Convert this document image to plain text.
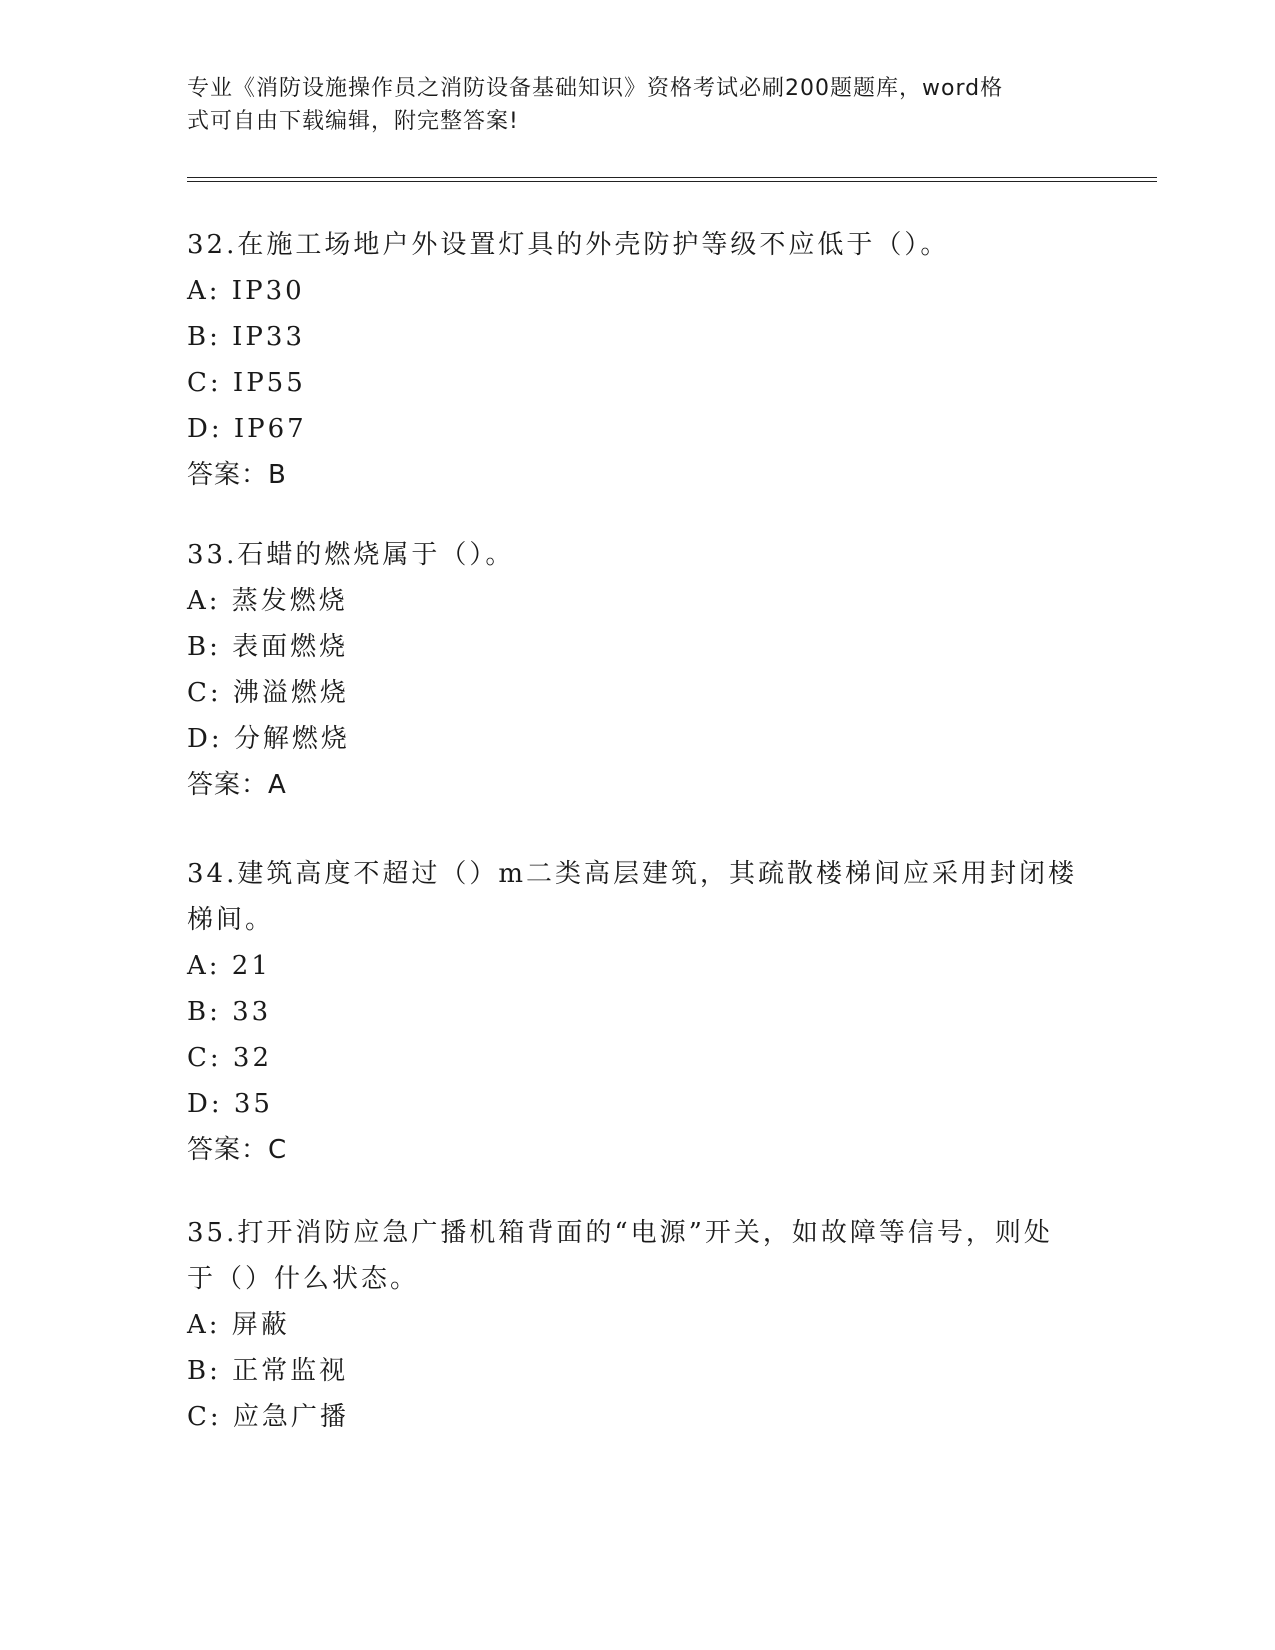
专业《消防设施操作员之消防设备基础知识》资格考试必刷200题题库，word格
式可自由下载编辑，附完整答案!

32.在施工场地户外设置灯具的外壳防护等级不应低于（）。

A: IP30

B: IP33

C: IP55

D: IP67

答案：B

33.石蜡的燃烧属于（）。

A: 蒸发燃烧

B: 表面燃烧

C: 沸溢燃烧

D: 分解燃烧

答案：A

34.建筑高度不超过（）m二类高层建筑，其疏散楼梯间应采用封闭楼

梯间。

A: 21

B: 33

C: 32

D: 35

答案：C

35.打开消防应急广播机箱背面的“电源”开关，如故障等信号，则处

于（）什么状态。

A: 屏蔽

B: 正常监视

C: 应急广播
